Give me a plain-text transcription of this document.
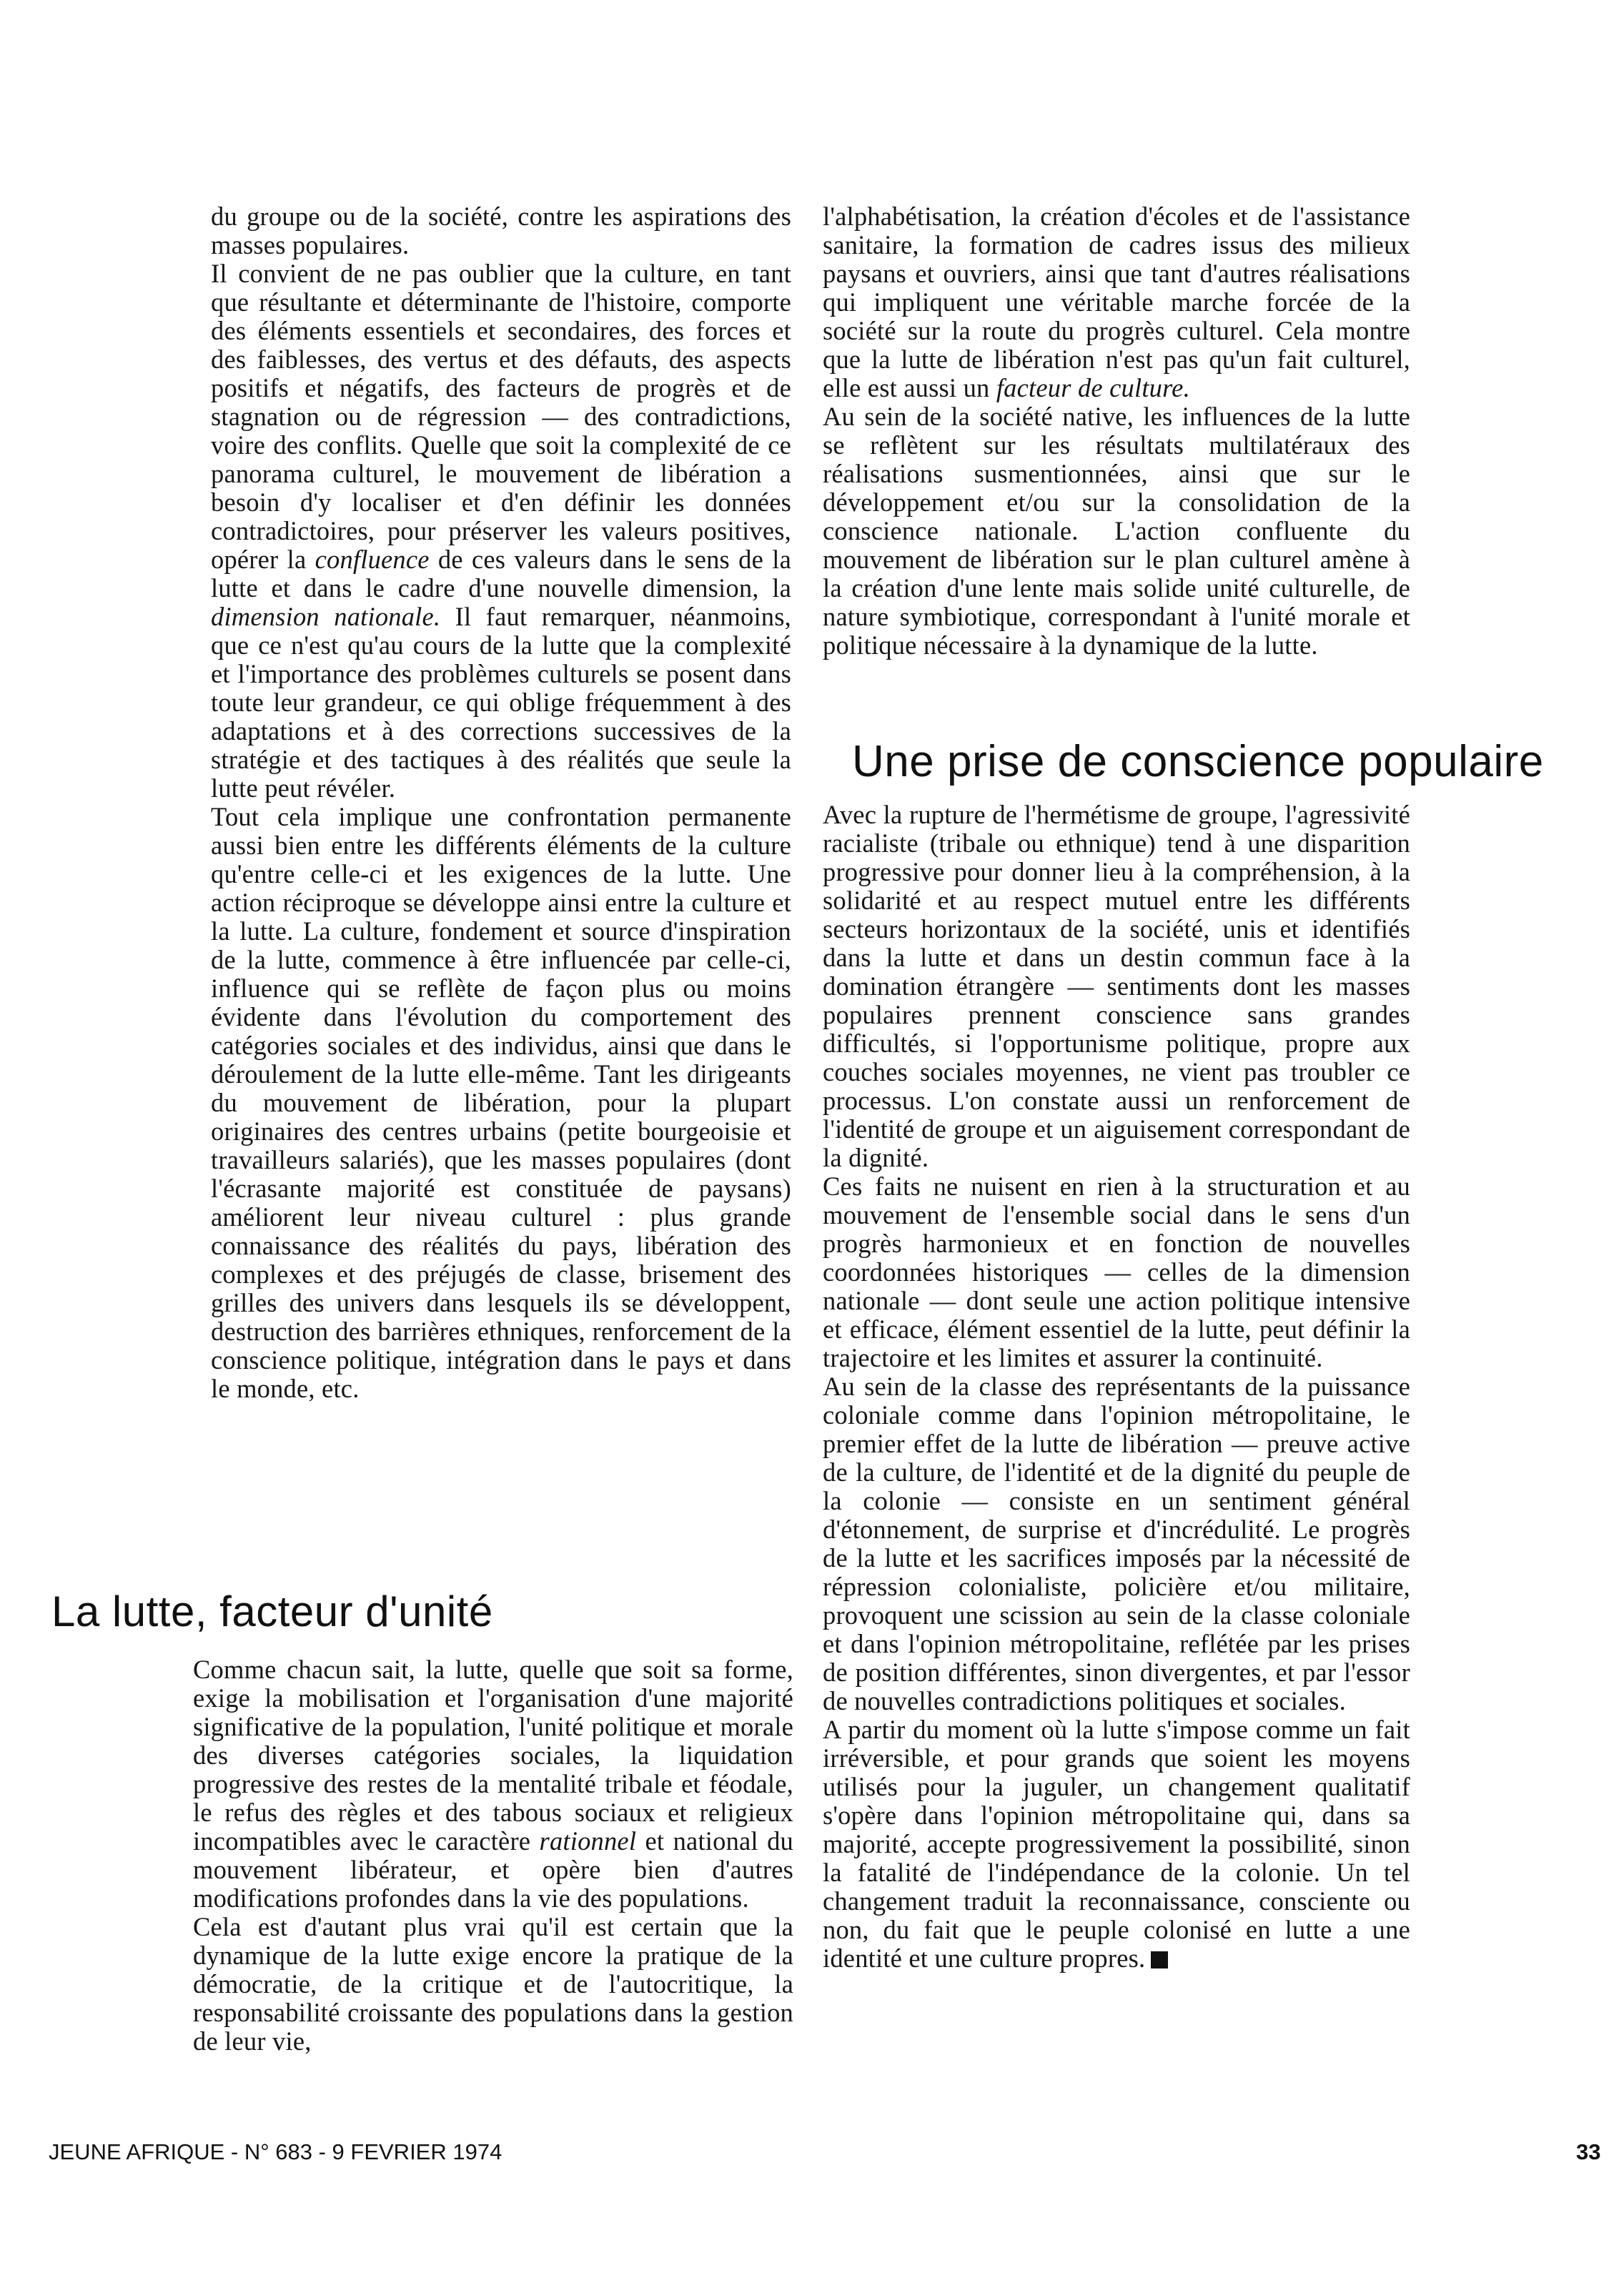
du groupe ou de la société, contre les aspirations des masses populaires.

Il convient de ne pas oublier que la culture, en tant que résultante et déterminante de l'histoire, comporte des éléments essentiels et secondaires, des forces et des faiblesses, des vertus et des défauts, des aspects positifs et négatifs, des facteurs de progrès et de stagnation ou de régression — des contradictions, voire des conflits. Quelle que soit la complexité de ce panorama culturel, le mouvement de libération a besoin d'y localiser et d'en définir les données contradictoires, pour préserver les valeurs positives, opérer la confluence de ces valeurs dans le sens de la lutte et dans le cadre d'une nouvelle dimension, la dimension nationale. Il faut remarquer, néanmoins, que ce n'est qu'au cours de la lutte que la complexité et l'importance des problèmes culturels se posent dans toute leur grandeur, ce qui oblige fréquemment à des adaptations et à des corrections successives de la stratégie et des tactiques à des réalités que seule la lutte peut révéler.

Tout cela implique une confrontation permanente aussi bien entre les différents éléments de la culture qu'entre celle-ci et les exigences de la lutte. Une action réciproque se développe ainsi entre la culture et la lutte. La culture, fondement et source d'inspiration de la lutte, commence à être influencée par celle-ci, influence qui se reflète de façon plus ou moins évidente dans l'évolution du comportement des catégories sociales et des individus, ainsi que dans le déroulement de la lutte elle-même. Tant les dirigeants du mouvement de libération, pour la plupart originaires des centres urbains (petite bourgeoisie et travailleurs salariés), que les masses populaires (dont l'écrasante majorité est constituée de paysans) améliorent leur niveau culturel : plus grande connaissance des réalités du pays, libération des complexes et des préjugés de classe, brisement des grilles des univers dans lesquels ils se développent, destruction des barrières ethniques, renforcement de la conscience politique, intégration dans le pays et dans le monde, etc.

La lutte, facteur d'unité

Comme chacun sait, la lutte, quelle que soit sa forme, exige la mobilisation et l'organisation d'une majorité significative de la population, l'unité politique et morale des diverses catégories sociales, la liquidation progressive des restes de la mentalité tribale et féodale, le refus des règles et des tabous sociaux et religieux incompatibles avec le caractère rationnel et national du mouvement libérateur, et opère bien d'autres modifications profondes dans la vie des populations.

Cela est d'autant plus vrai qu'il est certain que la dynamique de la lutte exige encore la pratique de la démocratie, de la critique et de l'autocritique, la responsabilité croissante des populations dans la gestion de leur vie,

l'alphabétisation, la création d'écoles et de l'assistance sanitaire, la formation de cadres issus des milieux paysans et ouvriers, ainsi que tant d'autres réalisations qui impliquent une véritable marche forcée de la société sur la route du progrès culturel. Cela montre que la lutte de libération n'est pas qu'un fait culturel, elle est aussi un facteur de culture.

Au sein de la société native, les influences de la lutte se reflètent sur les résultats multilatéraux des réalisations susmentionnées, ainsi que sur le développement et/ou sur la consolidation de la conscience nationale. L'action confluente du mouvement de libération sur le plan culturel amène à la création d'une lente mais solide unité culturelle, de nature symbiotique, correspondant à l'unité morale et politique nécessaire à la dynamique de la lutte.

Une prise de conscience populaire

Avec la rupture de l'hermétisme de groupe, l'agressivité racialiste (tribale ou ethnique) tend à une disparition progressive pour donner lieu à la compréhension, à la solidarité et au respect mutuel entre les différents secteurs horizontaux de la société, unis et identifiés dans la lutte et dans un destin commun face à la domination étrangère — sentiments dont les masses populaires prennent conscience sans grandes difficultés, si l'opportunisme politique, propre aux couches sociales moyennes, ne vient pas troubler ce processus. L'on constate aussi un renforcement de l'identité de groupe et un aiguisement correspondant de la dignité.

Ces faits ne nuisent en rien à la structuration et au mouvement de l'ensemble social dans le sens d'un progrès harmonieux et en fonction de nouvelles coordonnées historiques — celles de la dimension nationale — dont seule une action politique intensive et efficace, élément essentiel de la lutte, peut définir la trajectoire et les limites et assurer la continuité.

Au sein de la classe des représentants de la puissance coloniale comme dans l'opinion métropolitaine, le premier effet de la lutte de libération — preuve active de la culture, de l'identité et de la dignité du peuple de la colonie — consiste en un sentiment général d'étonnement, de surprise et d'incrédulité. Le progrès de la lutte et les sacrifices imposés par la nécessité de répression colonialiste, policière et/ou militaire, provoquent une scission au sein de la classe coloniale et dans l'opinion métropolitaine, reflétée par les prises de position différentes, sinon divergentes, et par l'essor de nouvelles contradictions politiques et sociales.

A partir du moment où la lutte s'impose comme un fait irréversible, et pour grands que soient les moyens utilisés pour la juguler, un changement qualitatif s'opère dans l'opinion métropolitaine qui, dans sa majorité, accepte progressivement la possibilité, sinon la fatalité de l'indépendance de la colonie. Un tel changement traduit la reconnaissance, consciente ou non, du fait que le peuple colonisé en lutte a une identité et une culture propres.

JEUNE AFRIQUE - N° 683 - 9 FEVRIER 1974	33
